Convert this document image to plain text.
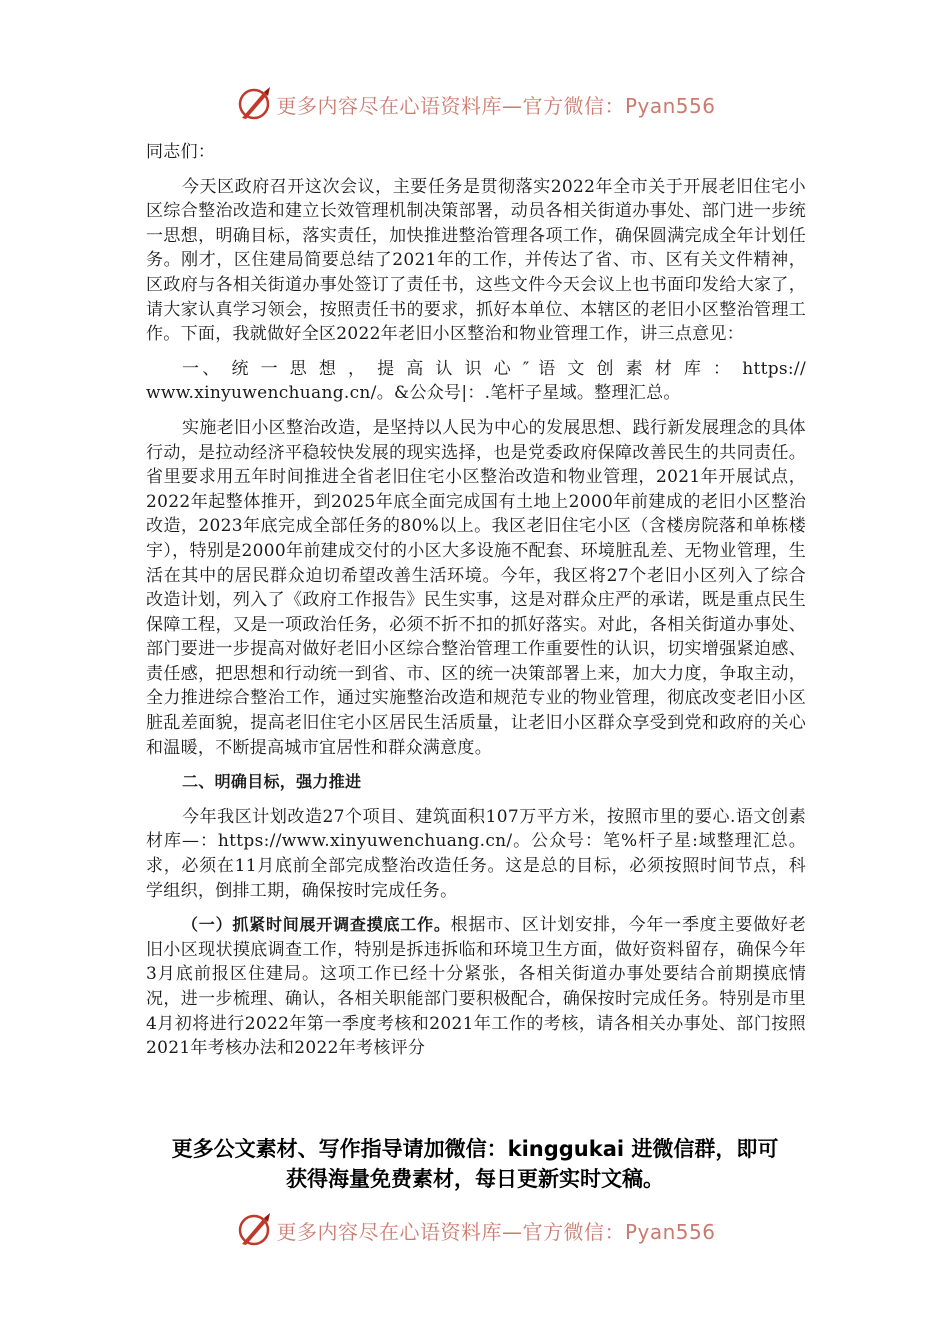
更多内容尽在心语资料库—官方微信：Pyan556

同志们：

今天区政府召开这次会议，主要任务是贯彻落实2022年全市关于开展老旧住宅小区综合整治改造和建立长效管理机制决策部署，动员各相关街道办事处、部门进一步统一思想，明确目标，落实责任，加快推进整治管理各项工作，确保圆满完成全年计划任务。刚才，区住建局简要总结了2021年的工作，并传达了省、市、区有关文件精神，区政府与各相关街道办事处签订了责任书，这些文件今天会议上也书面印发给大家了，请大家认真学习领会，按照责任书的要求，抓好本单位、本辖区的老旧小区整治管理工作。下面，我就做好全区2022年老旧小区整治和物业管理工作，讲三点意见：

一、 统 一 思 想 ， 提 高 认 识 心 ″ 语 文 创 素 材 库 ： https://

www.xinyuwenchuang.cn/。&公众号|：.笔杆子星域。整理汇总。

实施老旧小区整治改造，是坚持以人民为中心的发展思想、践行新发展理念的具体行动，是拉动经济平稳较快发展的现实选择，也是党委政府保障改善民生的共同责任。省里要求用五年时间推进全省老旧住宅小区整治改造和物业管理，2021年开展试点，2022年起整体推开，到2025年底全面完成国有土地上2000年前建成的老旧小区整治改造，2023年底完成全部任务的80%以上。我区老旧住宅小区（含楼房院落和单栋楼宇），特别是2000年前建成交付的小区大多设施不配套、环境脏乱差、无物业管理，生活在其中的居民群众迫切希望改善生活环境。今年，我区将27个老旧小区列入了综合改造计划，列入了《政府工作报告》民生实事，这是对群众庄严的承诺，既是重点民生保障工程，又是一项政治任务，必须不折不扣的抓好落实。对此，各相关街道办事处、部门要进一步提高对做好老旧小区综合整治管理工作重要性的认识，切实增强紧迫感、责任感，把思想和行动统一到省、市、区的统一决策部署上来，加大力度，争取主动，全力推进综合整治工作，通过实施整治改造和规范专业的物业管理，彻底改变老旧小区脏乱差面貌，提高老旧住宅小区居民生活质量，让老旧小区群众享受到党和政府的关心和温暖，不断提高城市宜居性和群众满意度。

二、明确目标，强力推进

今年我区计划改造27个项目、建筑面积107万平方米，按照市里的要心.语文创素材库—：https://www.xinyuwenchuang.cn/。公众号：笔%杆子星:域整理汇总。求，必须在11月底前全部完成整治改造任务。这是总的目标，必须按照时间节点，科学组织，倒排工期，确保按时完成任务。

（一）抓紧时间展开调查摸底工作。根据市、区计划安排，今年一季度主要做好老旧小区现状摸底调查工作，特别是拆违拆临和环境卫生方面，做好资料留存，确保今年3月底前报区住建局。这项工作已经十分紧张，各相关街道办事处要结合前期摸底情况，进一步梳理、确认，各相关职能部门要积极配合，确保按时完成任务。特别是市里4月初将进行2022年第一季度考核和2021年工作的考核，请各相关办事处、部门按照2021年考核办法和2022年考核评分

更多公文素材、写作指导请加微信：kinggukai 进微信群，即可
获得海量免费素材，每日更新实时文稿。
更多内容尽在心语资料库—官方微信：Pyan556
